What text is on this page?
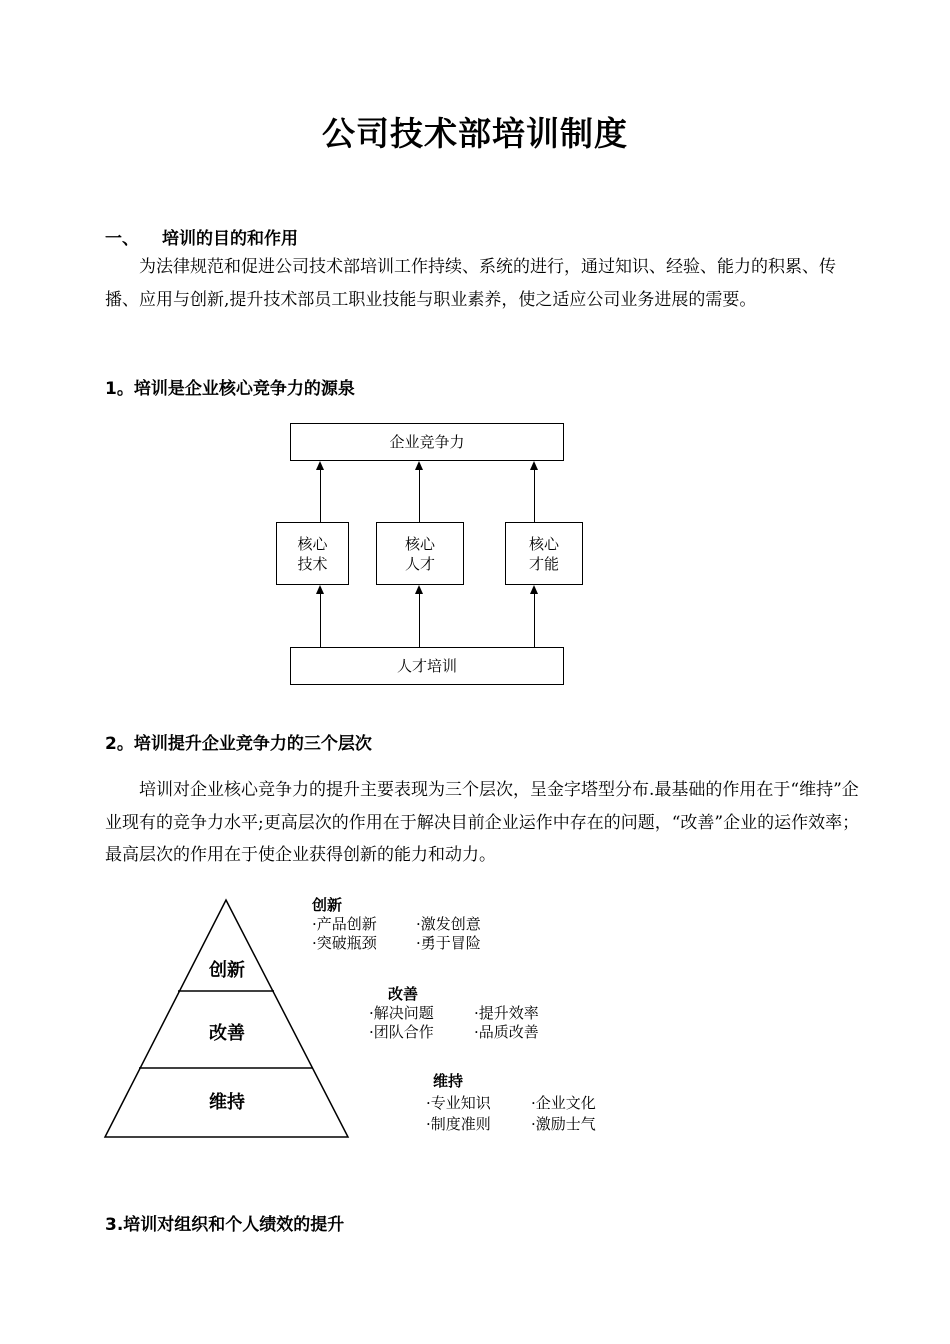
公司技术部培训制度
一、 培训的目的和作用
为法律规范和促进公司技术部培训工作持续、系统的进行，通过知识、经验、能力的积累、传播、应用与创新,提升技术部员工职业技能与职业素养，使之适应公司业务进展的需要。
1。培训是企业核心竞争力的源泉
企业竞争力
核心
技术
核心
人才
核心
才能
人才培训
2。培训提升企业竞争力的三个层次
培训对企业核心竞争力的提升主要表现为三个层次，呈金字塔型分布.最基础的作用在于“维持”企业现有的竞争力水平;更高层次的作用在于解决目前企业运作中存在的问题，“改善”企业的运作效率；最高层次的作用在于使企业获得创新的能力和动力。
创新
改善
维持
创新
·产品创新	·激发创意
·突破瓶颈	·勇于冒险
改善
·解决问题	·提升效率
·团队合作	·品质改善
维持
·专业知识	·企业文化
·制度准则	·激励士气
3.培训对组织和个人绩效的提升
